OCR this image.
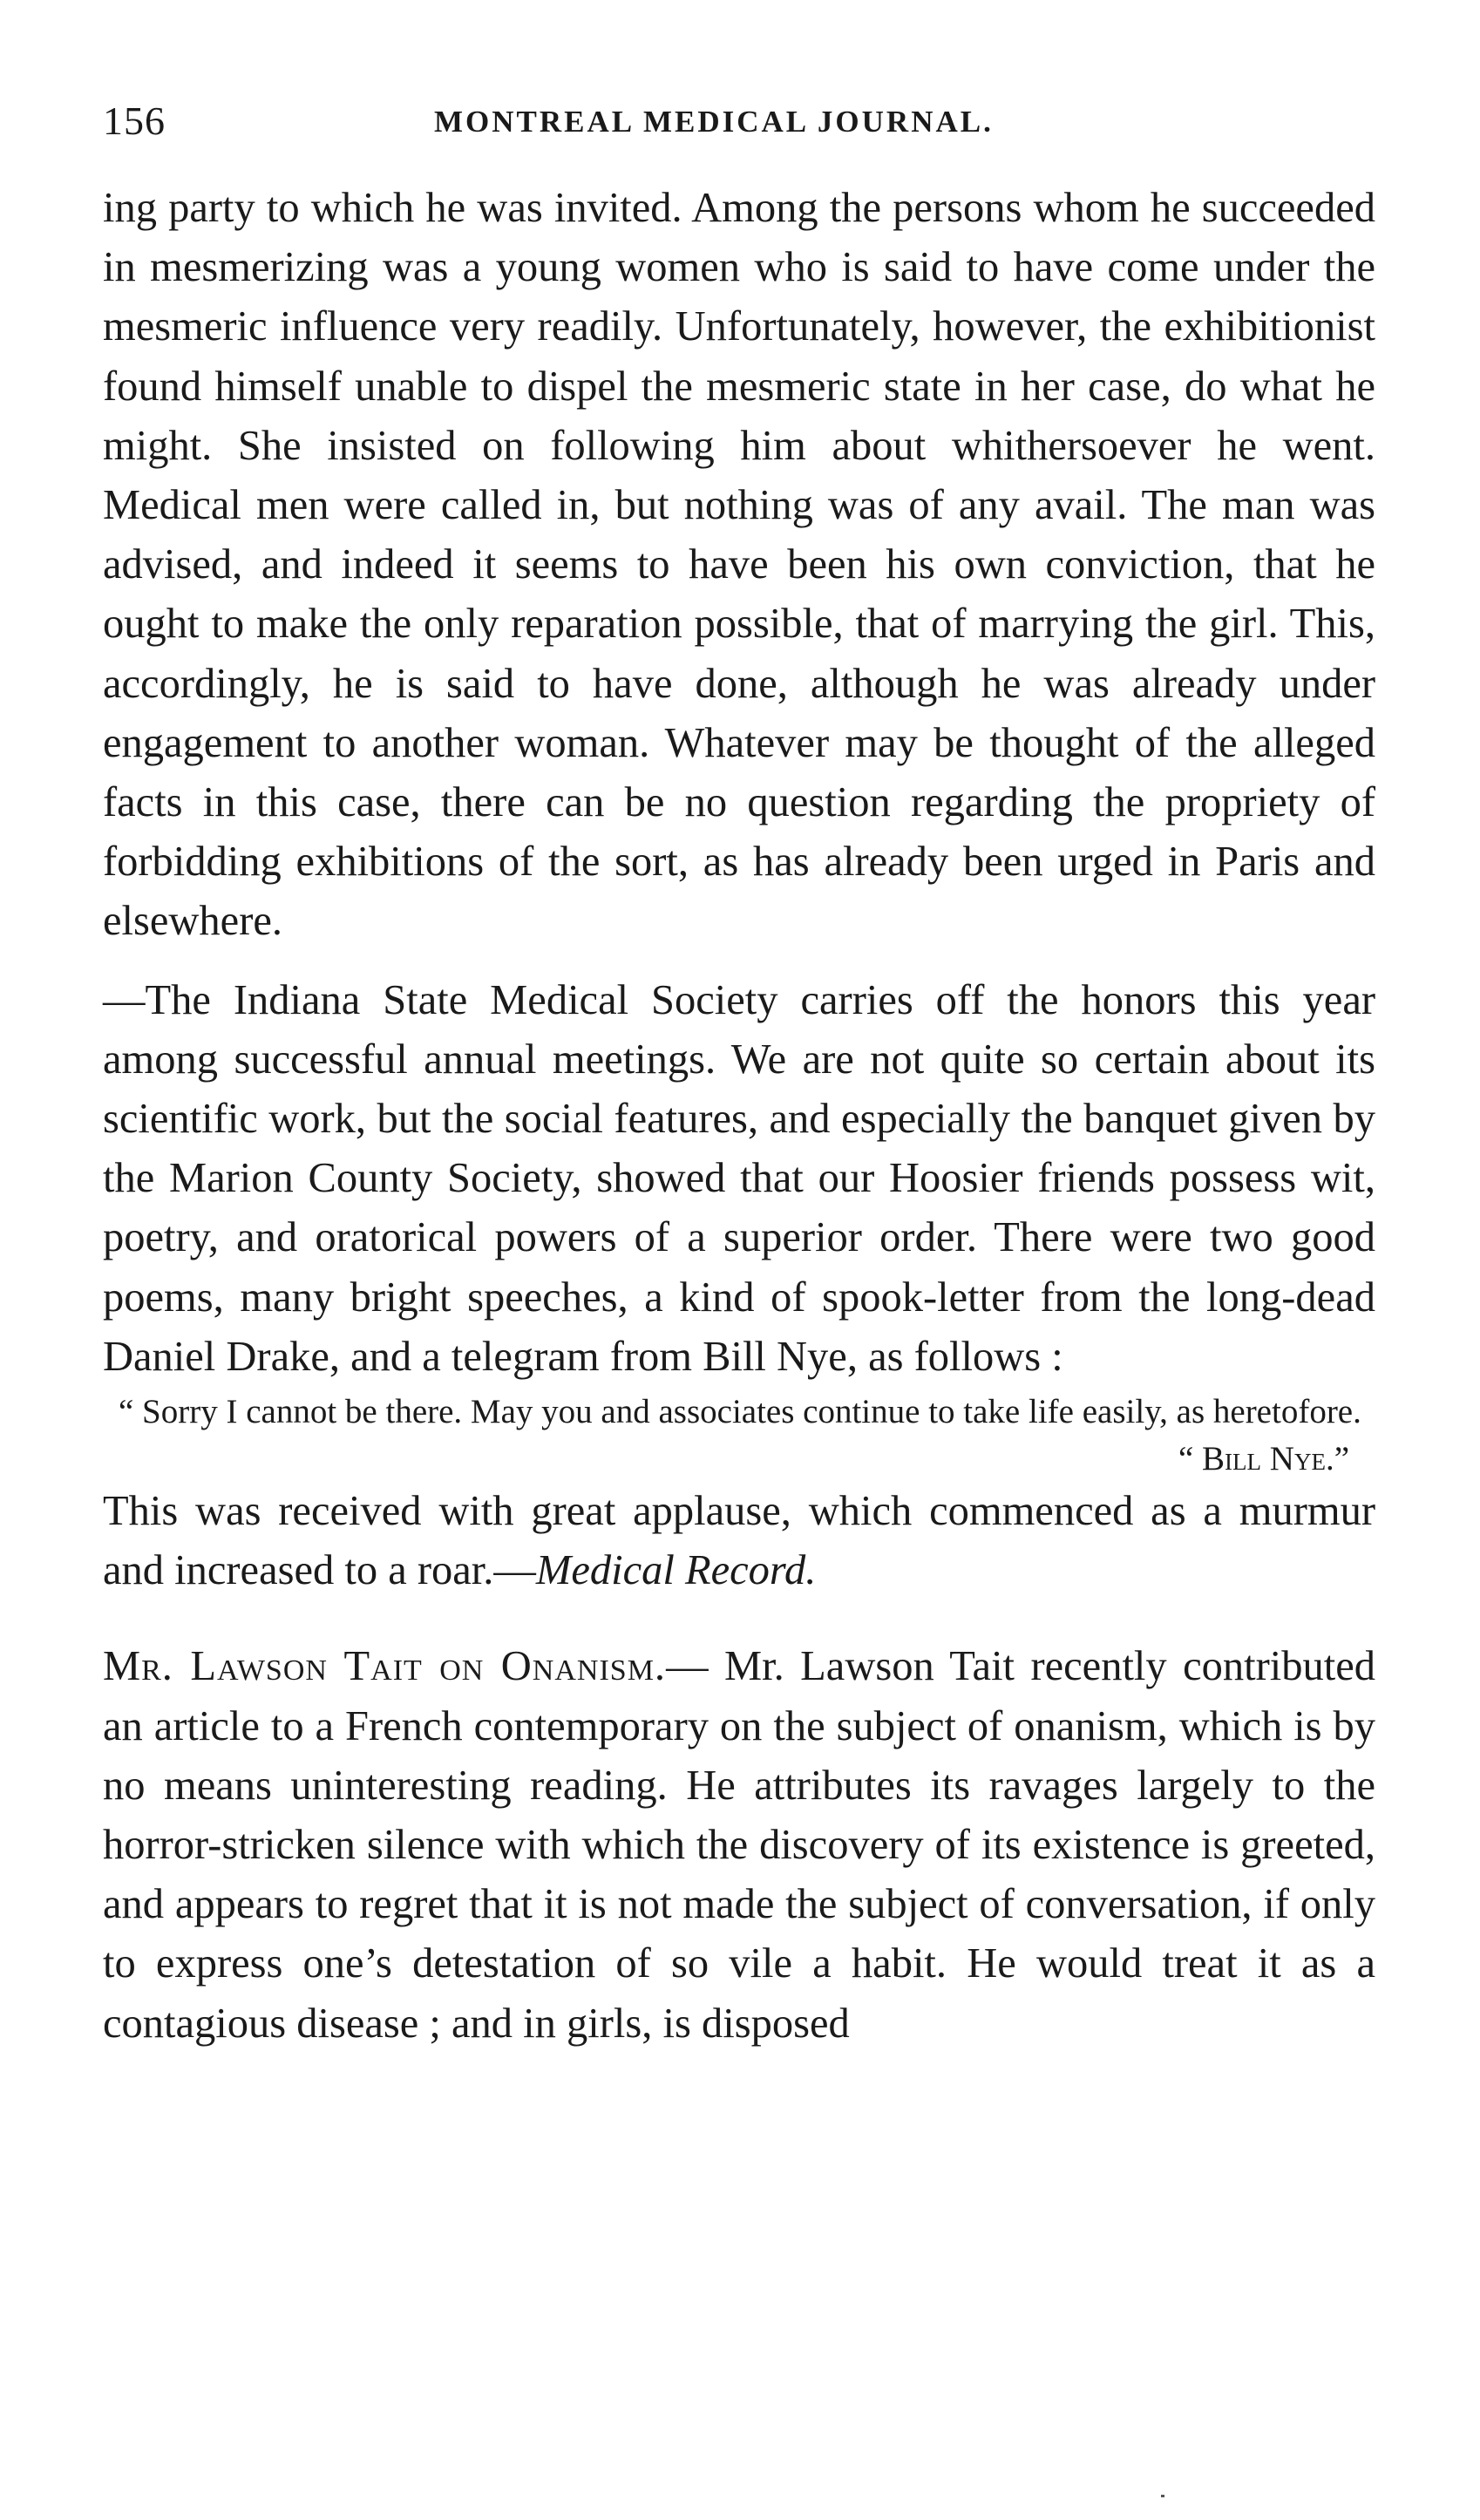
156	MONTREAL MEDICAL JOURNAL.

ing party to which he was invited. Among the persons whom he succeeded in mesmerizing was a young women who is said to have come under the mesmeric influence very readily. Unfortunately, however, the exhibitionist found himself unable to dispel the mesmeric state in her case, do what he might. She insisted on following him about whithersoever he went. Medical men were called in, but nothing was of any avail. The man was advised, and indeed it seems to have been his own conviction, that he ought to make the only reparation possible, that of marrying the girl. This, accordingly, he is said to have done, although he was already under engagement to another woman. Whatever may be thought of the alleged facts in this case, there can be no question regarding the propriety of forbidding exhibitions of the sort, as has already been urged in Paris and elsewhere.

—The Indiana State Medical Society carries off the honors this year among successful annual meetings. We are not quite so certain about its scientific work, but the social features, and especially the banquet given by the Marion County Society, showed that our Hoosier friends possess wit, poetry, and oratorical powers of a superior order. There were two good poems, many bright speeches, a kind of spook-letter from the long-dead Daniel Drake, and a telegram from Bill Nye, as follows :

“ Sorry I cannot be there. May you and associates continue to take life easily, as heretofore.

“ Bill Nye.”

This was received with great applause, which commenced as a murmur and increased to a roar.—Medical Record.

Mr. Lawson Tait on Onanism.— Mr. Lawson Tait recently contributed an article to a French contemporary on the subject of onanism, which is by no means uninteresting reading. He attributes its ravages largely to the horror-stricken silence with which the discovery of its existence is greeted, and appears to regret that it is not made the subject of conversation, if only to express one’s detestation of so vile a habit. He would treat it as a contagious disease ; and in girls, is disposed
